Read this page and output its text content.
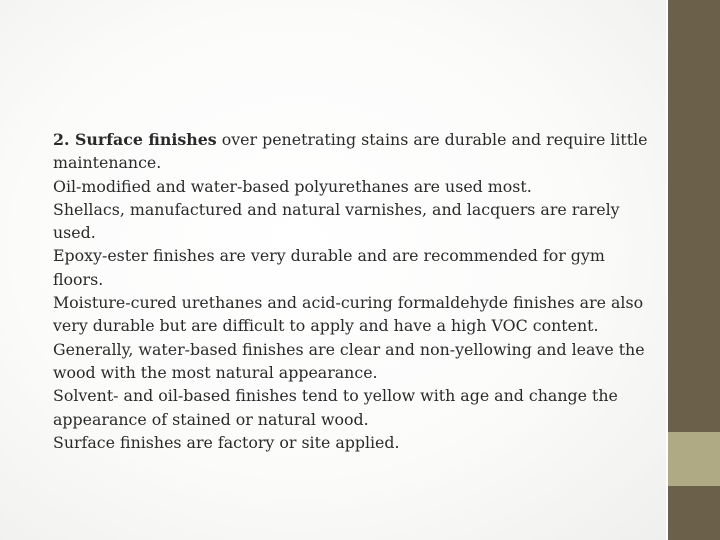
2. Surface finishes over penetrating stains are durable and require little maintenance.

Oil-modified and water-based polyurethanes are used most.

Shellacs, manufactured and natural varnishes, and lacquers are rarely used.

Epoxy-ester finishes are very durable and are recommended for gym floors.

Moisture-cured urethanes and acid-curing formaldehyde finishes are also very durable but are difficult to apply and have a high VOC content.

Generally, water-based finishes are clear and non-yellowing and leave the wood with the most natural appearance.

Solvent- and oil-based finishes tend to yellow with age and change the appearance of stained or natural wood.

Surface finishes are factory or site applied.
